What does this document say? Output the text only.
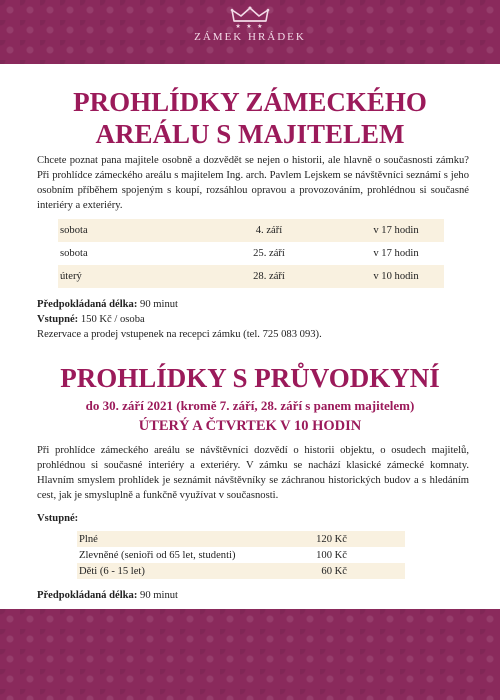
★ ★ ★
ZÁMEK HRÁDEK
PROHLÍDKY ZÁMECKÉHO
AREÁLU S MAJITELEM

Chcete poznat pana majitele osobně a dozvědět se nejen o historii, ale hlavně o současnosti zámku? Při prohlídce zámeckého areálu s majitelem Ing. arch. Pavlem Lejskem se návštěvníci seznámí s jeho osobním příběhem spojeným s koupí, rozsáhlou opravou a provozováním, prohlédnou si současné interiéry a exteriéry.

sobota	4. září	v 17 hodin
sobota	25. září	v 17 hodin
úterý	28. září	v 10 hodin
Předpokládaná délka: 90 minut
Vstupné: 150 Kč / osoba
Rezervace a prodej vstupenek na recepci zámku (tel. 725 083 093).
PROHLÍDKY S PRŮVODKYNÍ
do 30. září 2021 (kromě 7. září, 28. září s panem majitelem)
ÚTERÝ A ČTVRTEK V 10 HODIN

Při prohlídce zámeckého areálu se návštěvníci dozvědí o historii objektu, o osudech majitelů, prohlédnou si současné interiéry a exteriéry. V zámku se nachází klasické zámecké komnaty. Hlavním smyslem prohlídek je seznámit návštěvníky se záchranou historických budov a s hledáním cest, jak je smysluplně a funkčně využívat v současnosti.

Vstupné:
Plné	120 Kč
Zlevněné (senioři od 65 let, studenti)	100 Kč
Děti (6 - 15 let)	60 Kč
Předpokládaná délka: 90 minut
